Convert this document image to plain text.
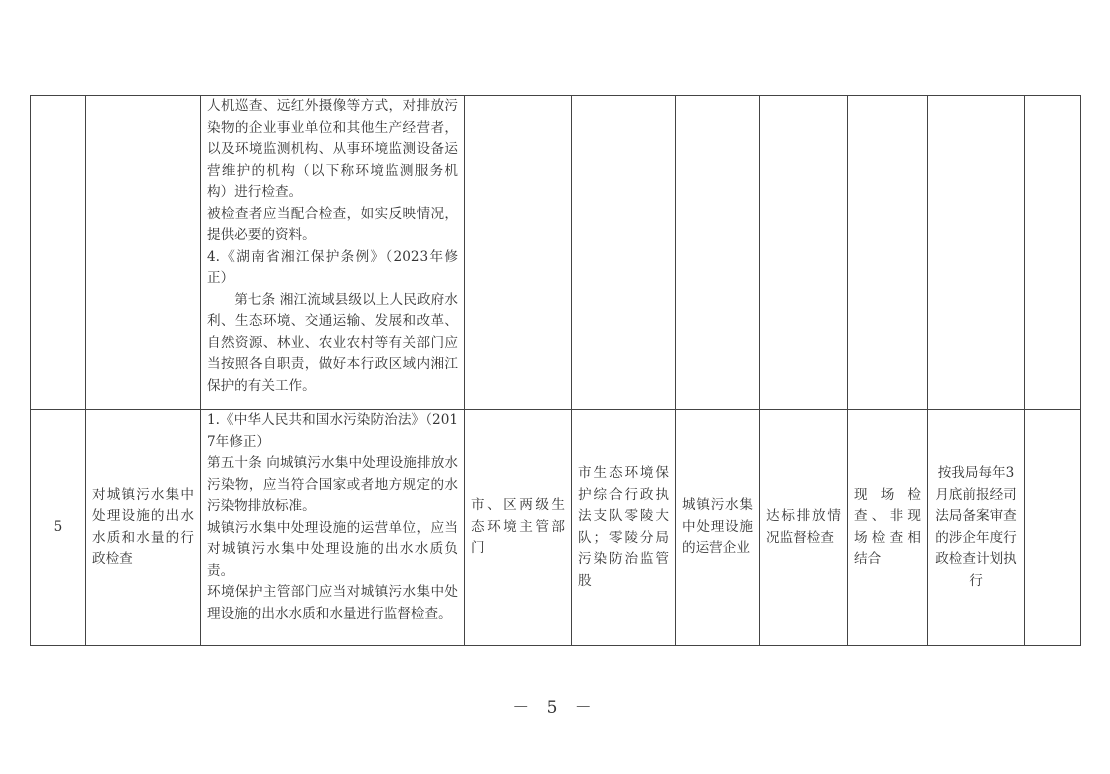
		人机巡查、远红外摄像等方式，对排放污染物的企业事业单位和其他生产经营者，以及环境监测机构、从事环境监测设备运营维护的机构（以下称环境监测服务机构）进行检查。

被检查者应当配合检查，如实反映情况，提供必要的资料。

4.《湖南省湘江保护条例》（2023年修正）

第七条 湘江流域县级以上人民政府水利、生态环境、交通运输、发展和改革、自然资源、林业、农业农村等有关部门应当按照各自职责，做好本行政区域内湘江保护的有关工作。							

5	对城镇污水集中处理设施的出水水质和水量的行政检查	1.《中华人民共和国水污染防治法》（2017年修正）

第五十条 向城镇污水集中处理设施排放水污染物，应当符合国家或者地方规定的水污染物排放标准。

城镇污水集中处理设施的运营单位，应当对城镇污水集中处理设施的出水水质负责。

环境保护主管部门应当对城镇污水集中处理设施的出水水质和水量进行监督检查。	市、区两级生态环境主管部门	市生态环境保护综合行政执法支队零陵大队；零陵分局污染防治监管股	城镇污水集中处理设施的运营企业	达标排放情况监督检查	现场检查、非现场检查相结合	按我局每年3月底前报经司法局备案审查的涉企年度行政检查计划执行	
－ 5 －
